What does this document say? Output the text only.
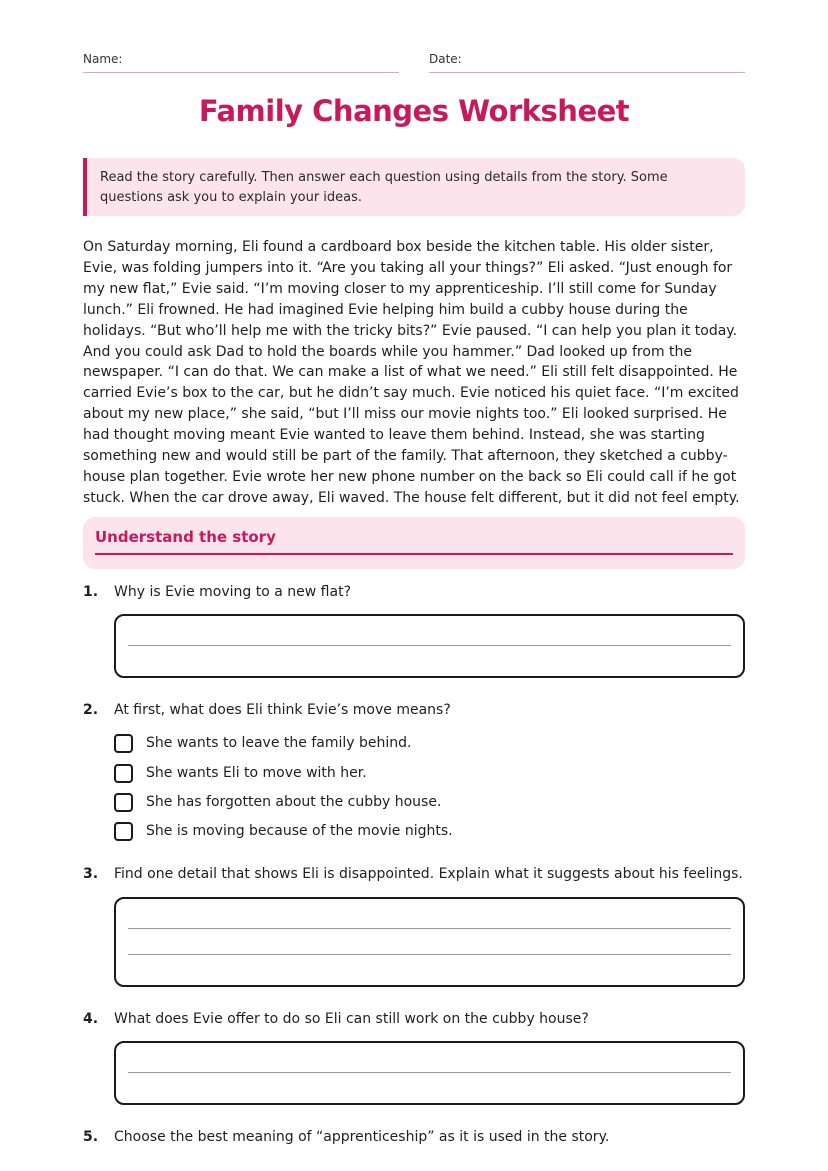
Name:	Date:
Family Changes Worksheet
Read the story carefully. Then answer each question using details from the story. Some questions ask you to explain your ideas.

On Saturday morning, Eli found a cardboard box beside the kitchen table. His older sister, Evie, was folding jumpers into it. “Are you taking all your things?” Eli asked. “Just enough for my new flat,” Evie said. “I’m moving closer to my apprenticeship. I’ll still come for Sunday lunch.” Eli frowned. He had imagined Evie helping him build a cubby house during the holidays. “But who’ll help me with the tricky bits?” Evie paused. “I can help you plan it today. And you could ask Dad to hold the boards while you hammer.” Dad looked up from the newspaper. “I can do that. We can make a list of what we need.” Eli still felt disappointed. He carried Evie’s box to the car, but he didn’t say much. Evie noticed his quiet face. “I’m excited about my new place,” she said, “but I’ll miss our movie nights too.” Eli looked surprised. He had thought moving meant Evie wanted to leave them behind. Instead, she was starting something new and would still be part of the family. That afternoon, they sketched a cubby-house plan together. Evie wrote her new phone number on the back so Eli could call if he got stuck. When the car drove away, Eli waved. The house felt different, but it did not feel empty.

Understand the story
1. Why is Evie moving to a new flat?
2. At first, what does Eli think Evie’s move means?
She wants to leave the family behind.
She wants Eli to move with her.
She has forgotten about the cubby house.
She is moving because of the movie nights.
3. Find one detail that shows Eli is disappointed. Explain what it suggests about his feelings.
4. What does Evie offer to do so Eli can still work on the cubby house?
5. Choose the best meaning of “apprenticeship” as it is used in the story.
